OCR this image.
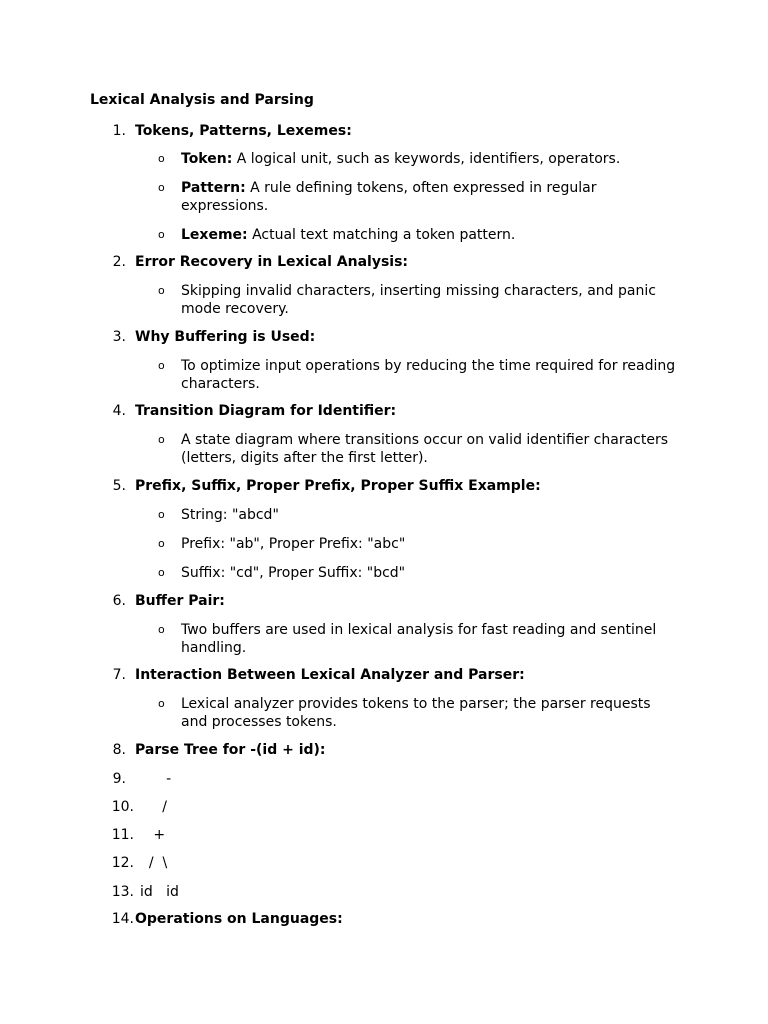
Lexical Analysis and Parsing
1. Tokens, Patterns, Lexemes:
o Token: A logical unit, such as keywords, identifiers, operators.
o Pattern: A rule defining tokens, often expressed in regular expressions.
o Lexeme: Actual text matching a token pattern.
2. Error Recovery in Lexical Analysis:
o Skipping invalid characters, inserting missing characters, and panic mode recovery.
3. Why Buffering is Used:
o To optimize input operations by reducing the time required for reading characters.
4. Transition Diagram for Identifier:
o A state diagram where transitions occur on valid identifier characters (letters, digits after the first letter).
5. Prefix, Suffix, Proper Prefix, Proper Suffix Example:
o String: "abcd"
o Prefix: "ab", Proper Prefix: "abc"
o Suffix: "cd", Proper Suffix: "bcd"
6. Buffer Pair:
o Two buffers are used in lexical analysis for fast reading and sentinel handling.
7. Interaction Between Lexical Analyzer and Parser:
o Lexical analyzer provides tokens to the parser; the parser requests and processes tokens.
8. Parse Tree for -(id + id):
9. -
10. /
11. +
12. /  \
13. id   id
14. Operations on Languages:
